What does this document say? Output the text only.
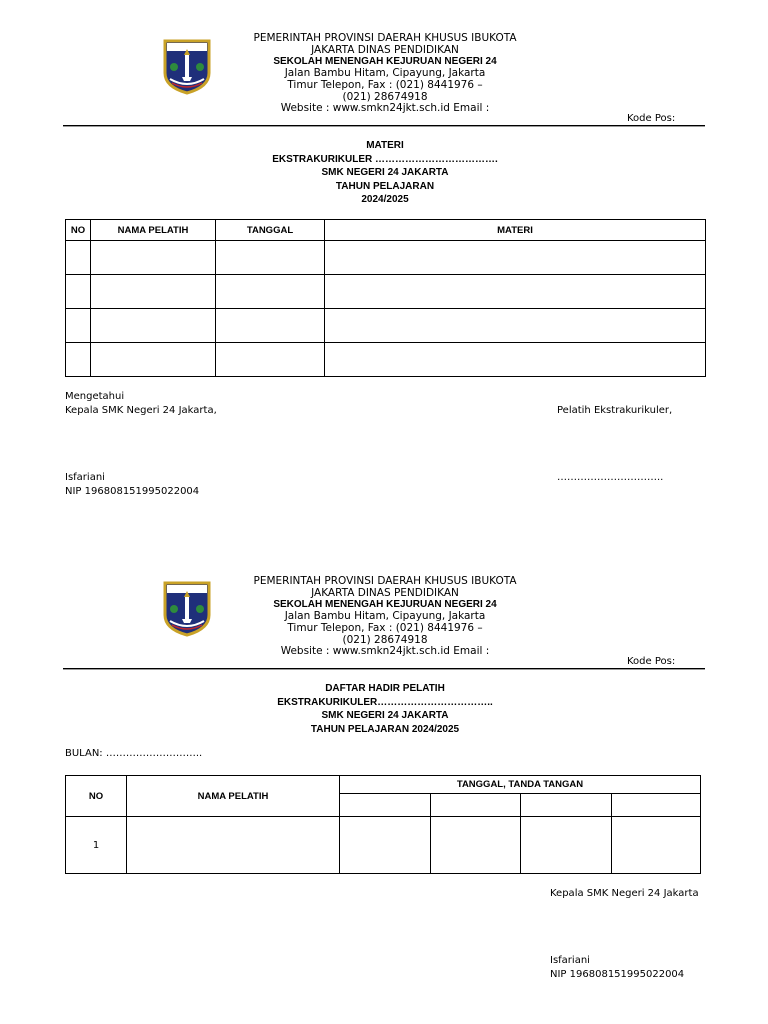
PEMERINTAH PROVINSI DAERAH KHUSUS IBUKOTA
JAKARTA DINAS PENDIDIKAN
SEKOLAH MENENGAH KEJURUAN NEGERI 24
Jalan Bambu Hitam, Cipayung, Jakarta
Timur Telepon, Fax : (021) 8441976 –
(021) 28674918
Website : www.smkn24jkt.sch.id Email :
Kode Pos:
MATERI
EKSTRAKURIKULER ……………………………….
SMK NEGERI 24 JAKARTA
TAHUN PELAJARAN
2024/2025
NO	NAMA PELATIH	TANGGAL	MATERI

Mengetahui
Kepala SMK Negeri 24 Jakarta,	Pelatih Ekstrakurikuler,
Isfariani	…………………………..
NIP 196808151995022004
PEMERINTAH PROVINSI DAERAH KHUSUS IBUKOTA
JAKARTA DINAS PENDIDIKAN
SEKOLAH MENENGAH KEJURUAN NEGERI 24
Jalan Bambu Hitam, Cipayung, Jakarta
Timur Telepon, Fax : (021) 8441976 –
(021) 28674918
Website : www.smkn24jkt.sch.id Email :
Kode Pos:
DAFTAR HADIR PELATIH
EKSTRAKURIKULER……………………………..
SMK NEGERI 24 JAKARTA
TAHUN PELAJARAN 2024/2025
BULAN: ………………………..
NO	NAMA PELATIH	TANGGAL, TANDA TANGAN			

1					
Kepala SMK Negeri 24 Jakarta
Isfariani
NIP 196808151995022004
